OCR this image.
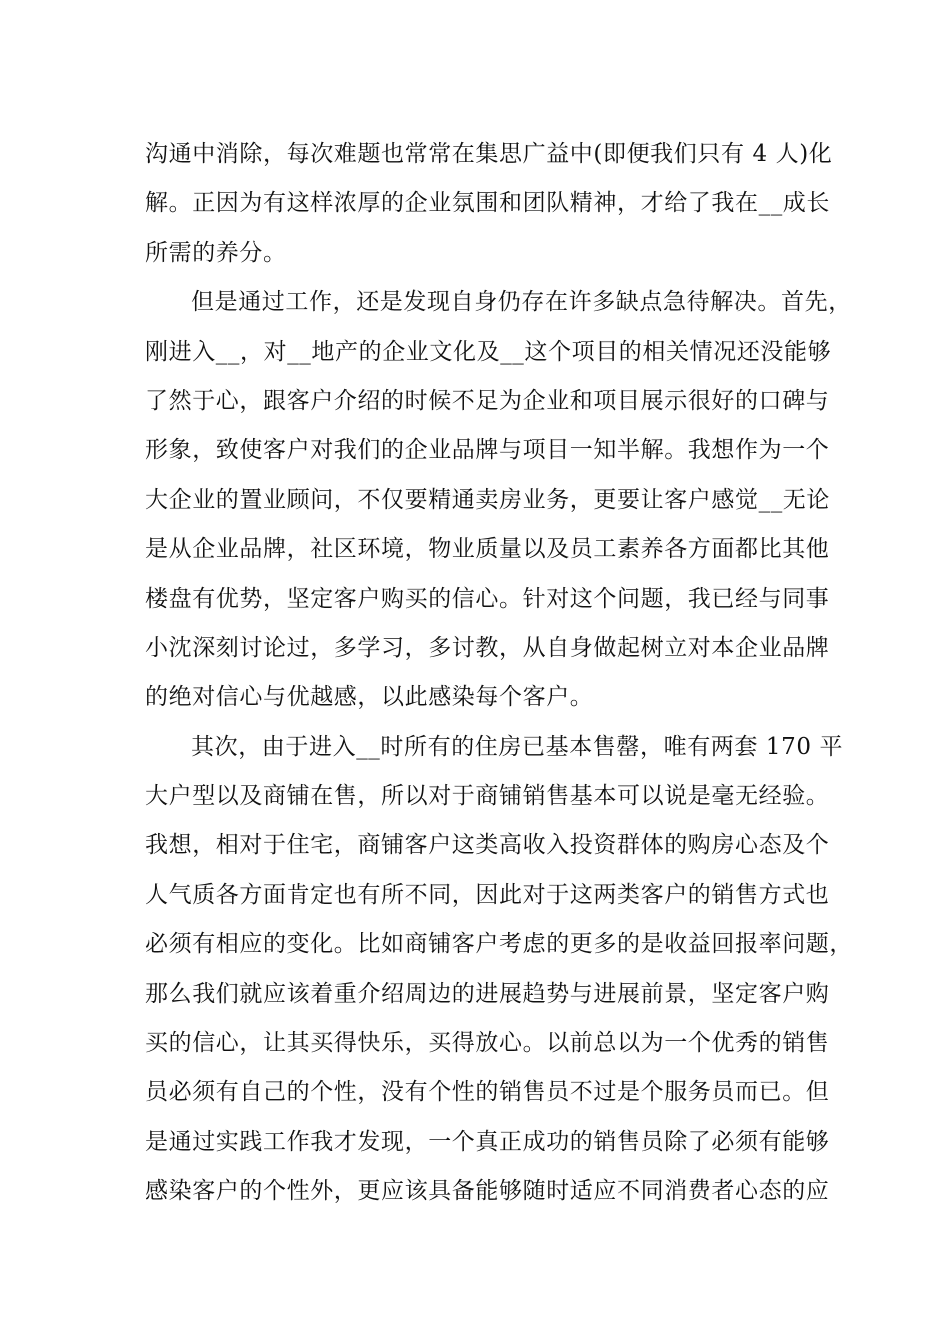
沟通中消除，每次难题也常常在集思广益中(即便我们只有 4 人)化
解。正因为有这样浓厚的企业氛围和团队精神，才给了我在__成长
所需的养分。
但是通过工作，还是发现自身仍存在许多缺点急待解决。首先，
刚进入__，对__地产的企业文化及__这个项目的相关情况还没能够
了然于心，跟客户介绍的时候不足为企业和项目展示很好的口碑与
形象，致使客户对我们的企业品牌与项目一知半解。我想作为一个
大企业的置业顾问，不仅要精通卖房业务，更要让客户感觉__无论
是从企业品牌，社区环境，物业质量以及员工素养各方面都比其他
楼盘有优势，坚定客户购买的信心。针对这个问题，我已经与同事
小沈深刻讨论过，多学习，多讨教，从自身做起树立对本企业品牌
的绝对信心与优越感，以此感染每个客户。
其次，由于进入__时所有的住房已基本售罄，唯有两套 170 平
大户型以及商铺在售，所以对于商铺销售基本可以说是毫无经验。
我想，相对于住宅，商铺客户这类高收入投资群体的购房心态及个
人气质各方面肯定也有所不同，因此对于这两类客户的销售方式也
必须有相应的变化。比如商铺客户考虑的更多的是收益回报率问题，
那么我们就应该着重介绍周边的进展趋势与进展前景，坚定客户购
买的信心，让其买得快乐，买得放心。以前总以为一个优秀的销售
员必须有自己的个性，没有个性的销售员不过是个服务员而已。但
是通过实践工作我才发现，一个真正成功的销售员除了必须有能够
感染客户的个性外，更应该具备能够随时适应不同消费者心态的应
